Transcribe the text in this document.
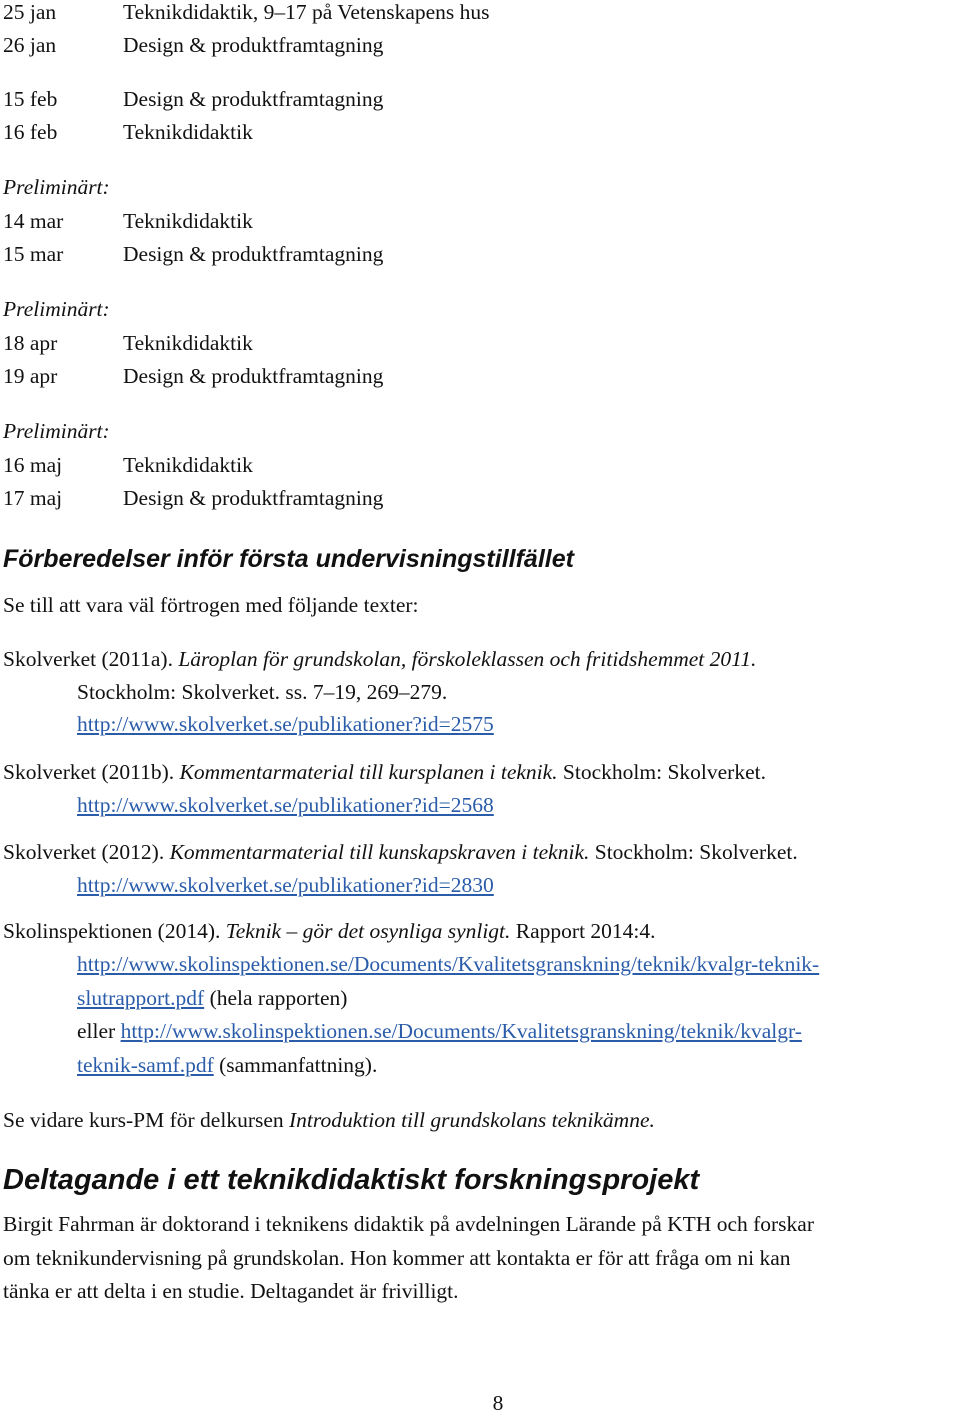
25 jan	Teknikdidaktik, 9–17 på Vetenskapens hus
26 jan	Design & produktframtagning
15 feb	Design & produktframtagning
16 feb	Teknikdidaktik
Preliminärt:
14 mar	Teknikdidaktik
15 mar	Design & produktframtagning
Preliminärt:
18 apr	Teknikdidaktik
19 apr	Design & produktframtagning
Preliminärt:
16 maj	Teknikdidaktik
17 maj	Design & produktframtagning
Förberedelser inför första undervisningstillfället
Se till att vara väl förtrogen med följande texter:
Skolverket (2011a). Läroplan för grundskolan, förskoleklassen och fritidshemmet 2011.
Stockholm: Skolverket. ss. 7–19, 269–279.
http://www.skolverket.se/publikationer?id=2575
Skolverket (2011b). Kommentarmaterial till kursplanen i teknik. Stockholm: Skolverket.
http://www.skolverket.se/publikationer?id=2568
Skolverket (2012). Kommentarmaterial till kunskapskraven i teknik. Stockholm: Skolverket.
http://www.skolverket.se/publikationer?id=2830
Skolinspektionen (2014). Teknik – gör det osynliga synligt. Rapport 2014:4.
http://www.skolinspektionen.se/Documents/Kvalitetsgranskning/teknik/kvalgr-teknik-
slutrapport.pdf (hela rapporten)
eller http://www.skolinspektionen.se/Documents/Kvalitetsgranskning/teknik/kvalgr-
teknik-samf.pdf (sammanfattning).
Se vidare kurs-PM för delkursen Introduktion till grundskolans teknikämne.
Deltagande i ett teknikdidaktiskt forskningsprojekt
Birgit Fahrman är doktorand i teknikens didaktik på avdelningen Lärande på KTH och forskar
om teknikundervisning på grundskolan. Hon kommer att kontakta er för att fråga om ni kan
tänka er att delta i en studie. Deltagandet är frivilligt.
8
